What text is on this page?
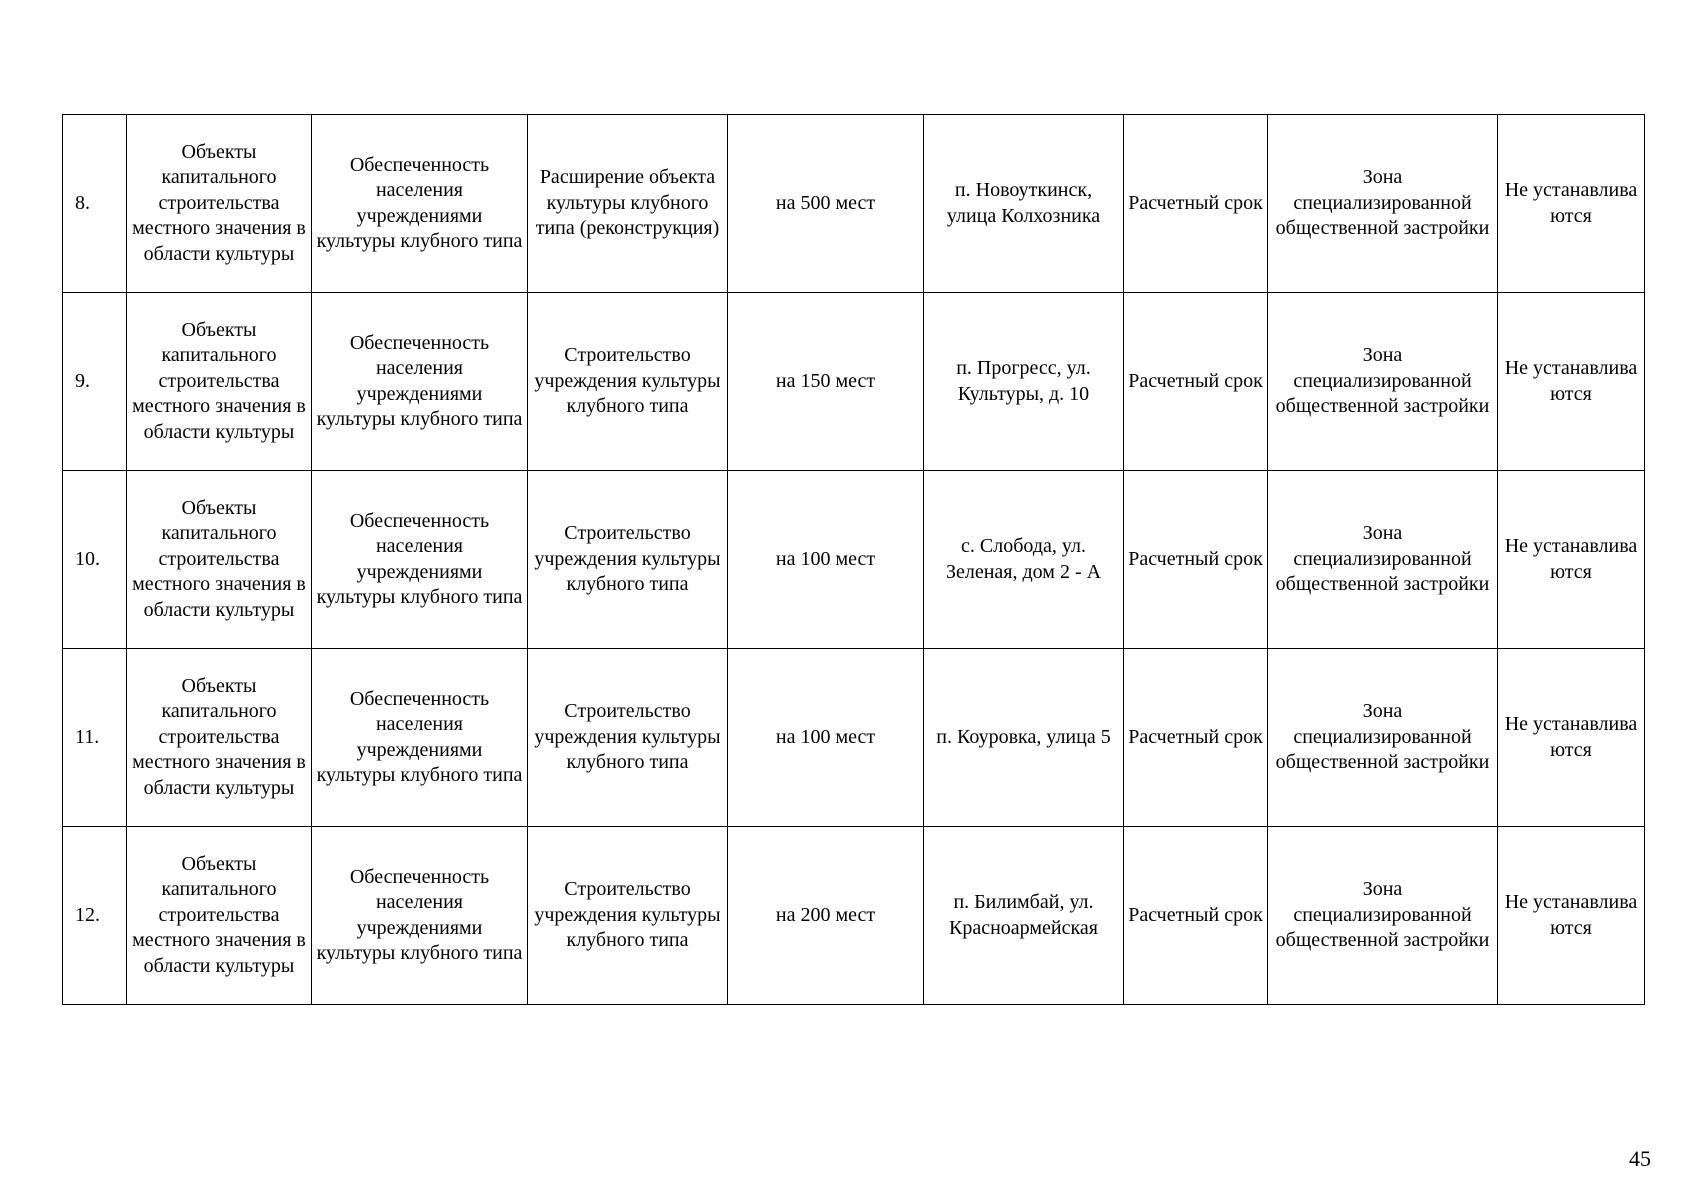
8.	Объекты капитального строительства местного значения в области культуры	Обеспеченность населения учреждениями культуры клубного типа	Расширение объекта культуры клубного типа (реконструкция)	на 500 мест	п. Новоуткинск, улица Колхозника	Расчетный срок	Зона специализированной общественной застройки	Не устанавлива ются
9.	Объекты капитального строительства местного значения в области культуры	Обеспеченность населения учреждениями культуры клубного типа	Строительство учреждения культуры клубного типа	на 150 мест	п. Прогресс, ул. Культуры, д. 10	Расчетный срок	Зона специализированной общественной застройки	Не устанавлива ются
10.	Объекты капитального строительства местного значения в области культуры	Обеспеченность населения учреждениями культуры клубного типа	Строительство учреждения культуры клубного типа	на 100 мест	с. Слобода, ул. Зеленая, дом 2 - А	Расчетный срок	Зона специализированной общественной застройки	Не устанавлива ются
11.	Объекты капитального строительства местного значения в области культуры	Обеспеченность населения учреждениями культуры клубного типа	Строительство учреждения культуры клубного типа	на 100 мест	п. Коуровка, улица 5	Расчетный срок	Зона специализированной общественной застройки	Не устанавлива ются
12.	Объекты капитального строительства местного значения в области культуры	Обеспеченность населения учреждениями культуры клубного типа	Строительство учреждения культуры клубного типа	на 200 мест	п. Билимбай, ул. Красноармейская	Расчетный срок	Зона специализированной общественной застройки	Не устанавлива ются
45
